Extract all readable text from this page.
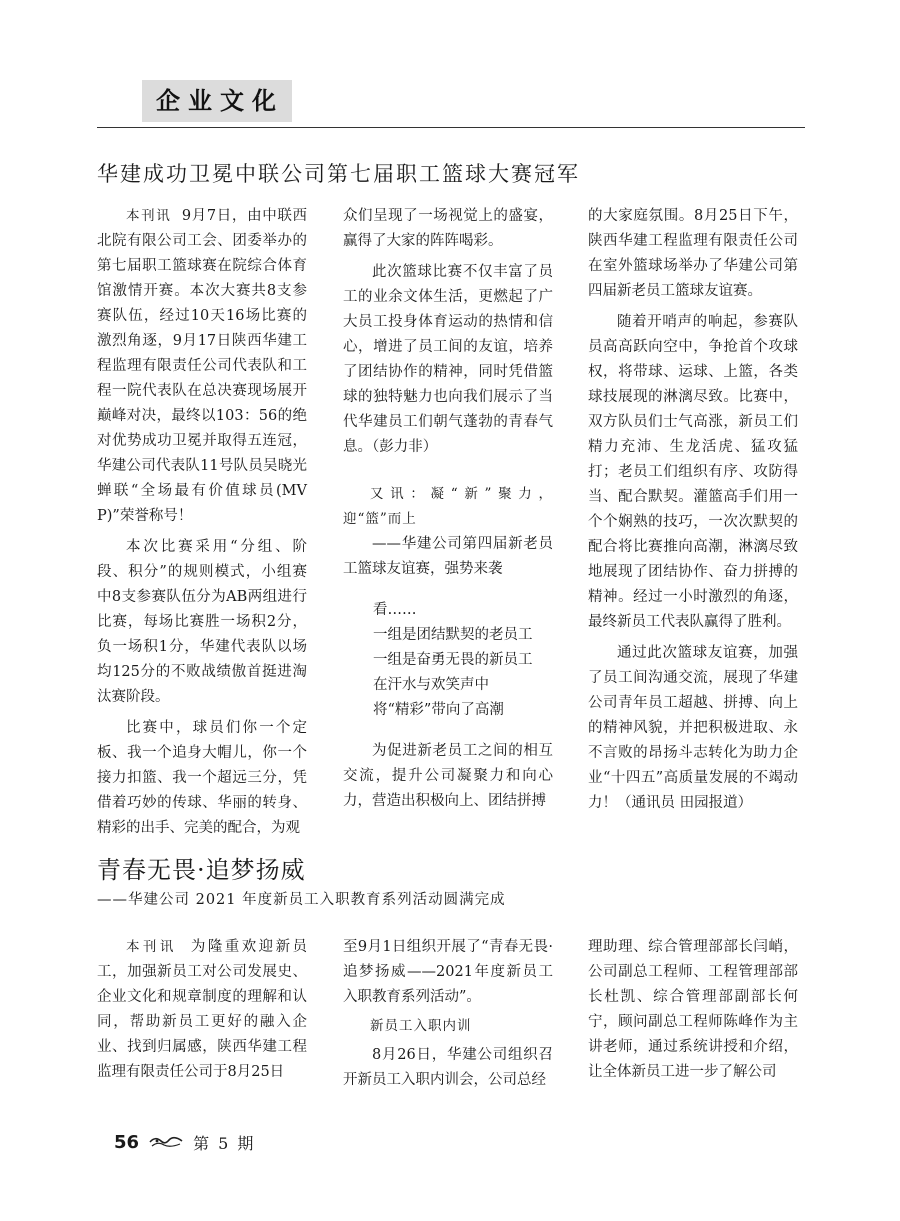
企业文化
华建成功卫冕中联公司第七届职工篮球大赛冠军

本刊讯 9月7日，由中联西北院有限公司工会、团委举办的第七届职工篮球赛在院综合体育馆激情开赛。本次大赛共8支参赛队伍，经过10天16场比赛的激烈角逐，9月17日陕西华建工程监理有限责任公司代表队和工程一院代表队在总决赛现场展开巅峰对决，最终以103：56的绝对优势成功卫冕并取得五连冠，华建公司代表队11号队员吴晓光蝉联“全场最有价值球员(MVP)”荣誉称号！

本次比赛采用“分组、阶段、积分”的规则模式，小组赛中8支参赛队伍分为AB两组进行比赛，每场比赛胜一场积2分，负一场积1分，华建代表队以场均125分的不败战绩傲首挺进淘汰赛阶段。

比赛中，球员们你一个定板、我一个追身大帽儿，你一个接力扣篮、我一个超远三分，凭借着巧妙的传球、华丽的转身、精彩的出手、完美的配合，为观

众们呈现了一场视觉上的盛宴，赢得了大家的阵阵喝彩。

此次篮球比赛不仅丰富了员工的业余文体生活，更燃起了广大员工投身体育运动的热情和信心，增进了员工间的友谊，培养了团结协作的精神，同时凭借篮球的独特魅力也向我们展示了当代华建员工们朝气蓬勃的青春气息。（彭力非）

又讯：凝“新”聚力，迎“篮”而上

——华建公司第四届新老员工篮球友谊赛，强势来袭

看……

一组是团结默契的老员工

一组是奋勇无畏的新员工

在汗水与欢笑声中

将“精彩”带向了高潮

为促进新老员工之间的相互交流，提升公司凝聚力和向心力，营造出积极向上、团结拼搏

的大家庭氛围。8月25日下午，陕西华建工程监理有限责任公司在室外篮球场举办了华建公司第四届新老员工篮球友谊赛。

随着开哨声的响起，参赛队员高高跃向空中，争抢首个攻球权，将带球、运球、上篮，各类球技展现的淋漓尽致。比赛中，双方队员们士气高涨，新员工们精力充沛、生龙活虎、猛攻猛打；老员工们组织有序、攻防得当、配合默契。灌篮高手们用一个个娴熟的技巧，一次次默契的配合将比赛推向高潮，淋漓尽致地展现了团结协作、奋力拼搏的精神。经过一小时激烈的角逐，最终新员工代表队赢得了胜利。

通过此次篮球友谊赛，加强了员工间沟通交流，展现了华建公司青年员工超越、拼搏、向上的精神风貌，并把积极进取、永不言败的昂扬斗志转化为助力企业“十四五”高质量发展的不竭动力！（通讯员 田园报道）

青春无畏·追梦扬威
——华建公司 2021 年度新员工入职教育系列活动圆满完成

本刊讯 为隆重欢迎新员工，加强新员工对公司发展史、企业文化和规章制度的理解和认同，帮助新员工更好的融入企业、找到归属感，陕西华建工程监理有限责任公司于8月25日

至9月1日组织开展了“青春无畏·追梦扬威——2021年度新员工入职教育系列活动”。

新员工入职内训

8月26日，华建公司组织召开新员工入职内训会，公司总经

理助理、综合管理部部长闫峭，公司副总工程师、工程管理部部长杜凯、综合管理部副部长何宁，顾问副总工程师陈峰作为主讲老师，通过系统讲授和介绍，让全体新员工进一步了解公司

56	第 5 期
